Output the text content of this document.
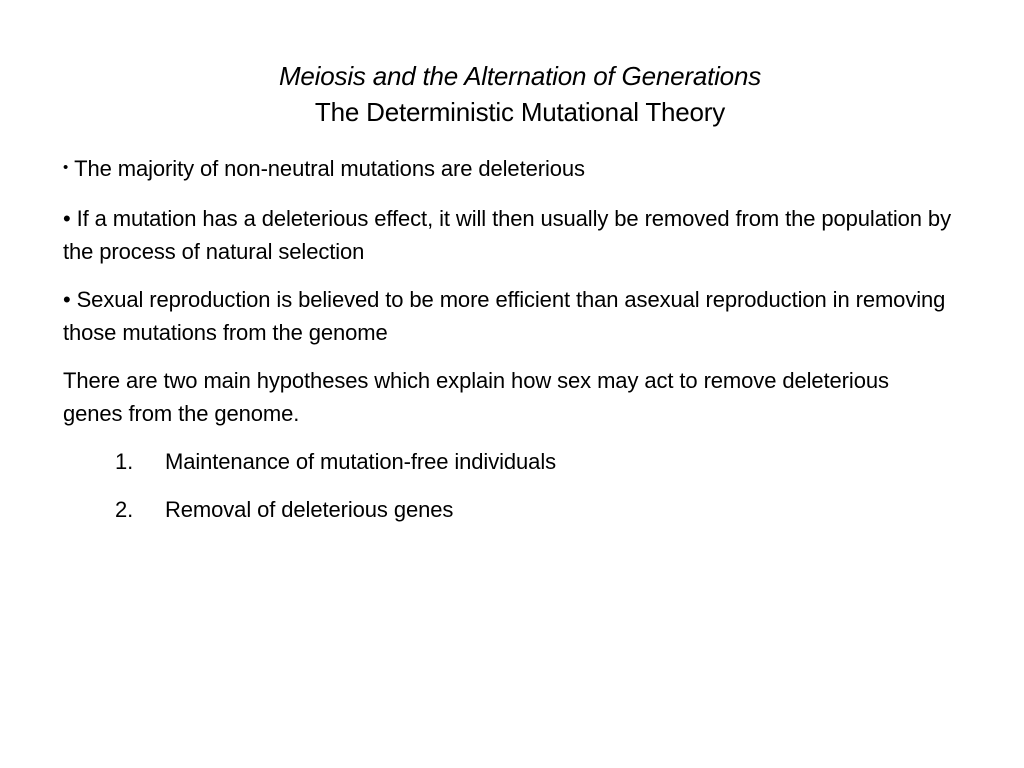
Meiosis and the Alternation of Generations
The Deterministic Mutational Theory

• The majority of non-neutral mutations are deleterious

• If a mutation has a deleterious effect, it will then usually be removed from the population by the process of natural selection

• Sexual reproduction is believed to be more efficient than asexual reproduction in removing those mutations from the genome

There are two main hypotheses which explain how sex may act to remove deleterious genes from the genome.

1. Maintenance of mutation-free individuals

2. Removal of deleterious genes
